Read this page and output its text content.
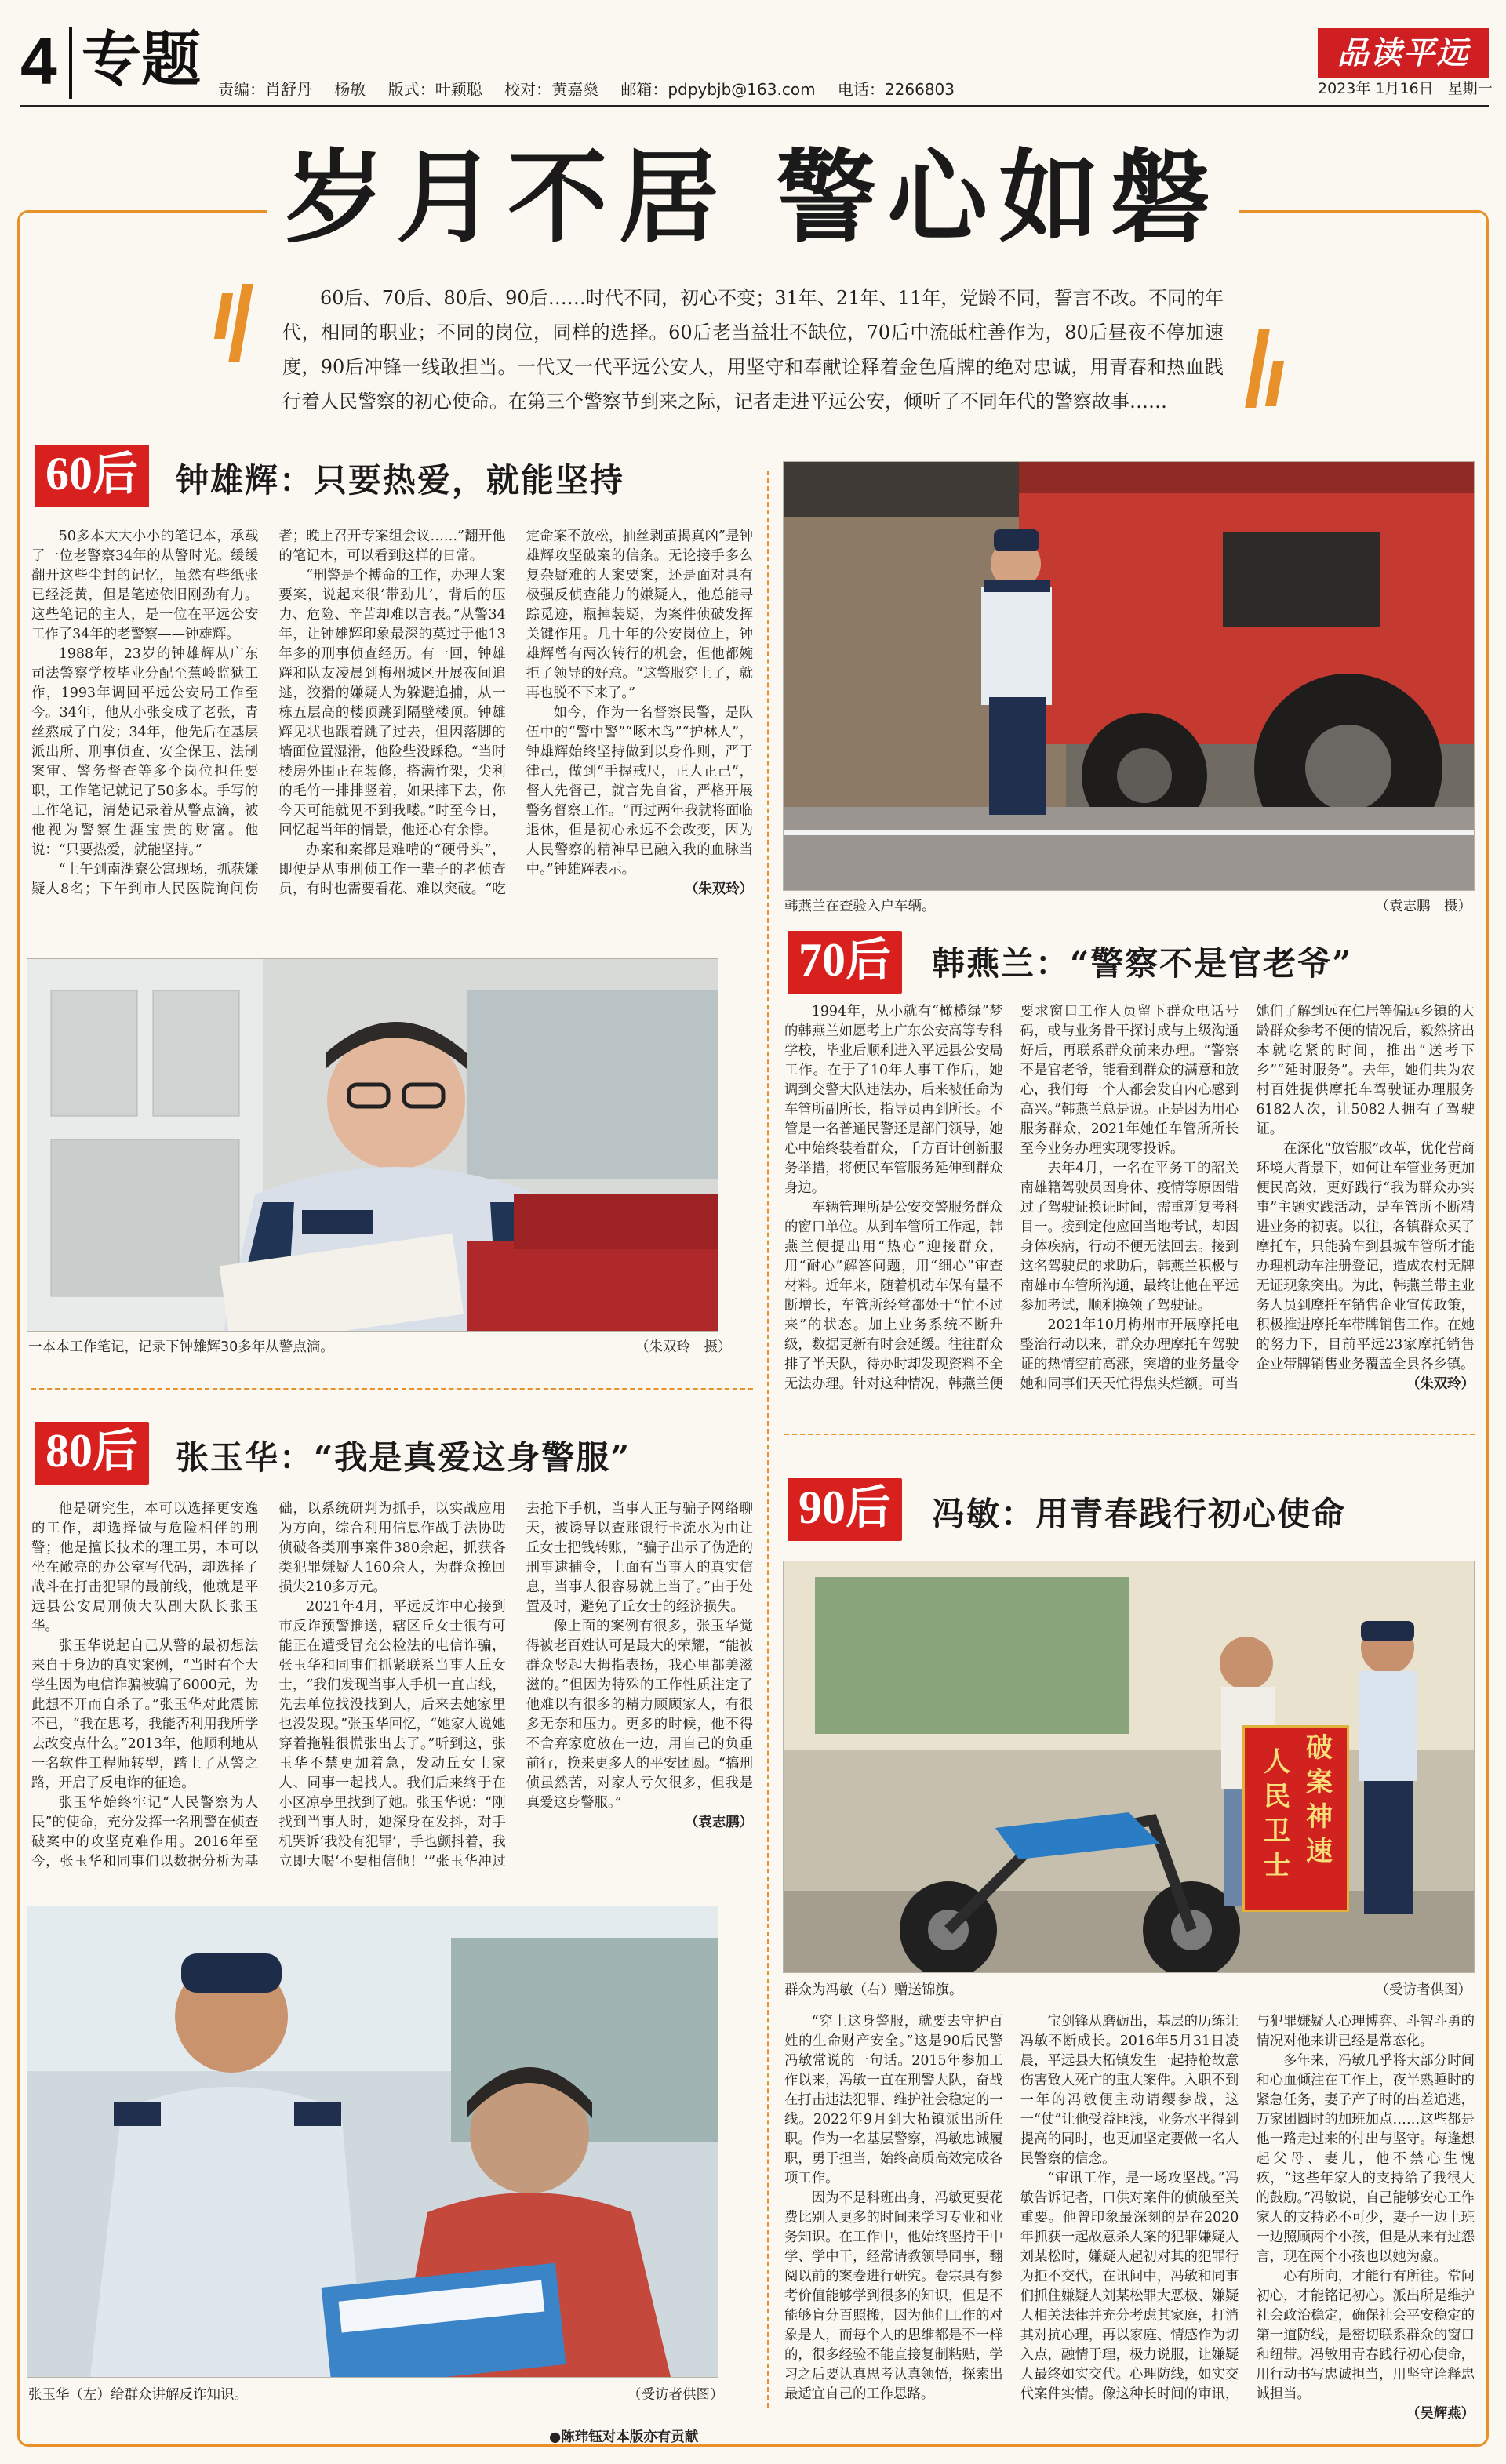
4 专题 责编：肖舒丹 杨敏 版式：叶颖聪 校对：黄嘉燊 邮箱：pdpybjb@163.com 电话：2266803
品读平远
2023年 1月16日 星期一
岁月不居 警心如磐
60后、70后、80后、90后……时代不同，初心不变；31年、21年、11年，党龄不同，誓言不改。不同的年代，相同的职业；不同的岗位，同样的选择。60后老当益壮不缺位，70后中流砥柱善作为，80后昼夜不停加速度，90后冲锋一线敢担当。一代又一代平远公安人，用坚守和奉献诠释着金色盾牌的绝对忠诚，用青春和热血践行着人民警察的初心使命。在第三个警察节到来之际，记者走进平远公安，倾听了不同年代的警察故事……
60后	钟雄辉：只要热爱，就能坚持

50多本大大小小的笔记本，承载了一位老警察34年的从警时光。缓缓翻开这些尘封的记忆，虽然有些纸张已经泛黄，但是笔迹依旧刚劲有力。这些笔记的主人，是一位在平远公安工作了34年的老警察——钟雄辉。

1988年，23岁的钟雄辉从广东司法警察学校毕业分配至蕉岭监狱工作，1993年调回平远公安局工作至今。34年，他从小张变成了老张，青丝熬成了白发；34年，他先后在基层派出所、刑事侦查、安全保卫、法制案审、警务督查等多个岗位担任要职，工作笔记就记了50多本。手写的工作笔记，清楚记录着从警点滴，被他视为警察生涯宝贵的财富。他说：“只要热爱，就能坚持。”

“上午到南湖寮公寓现场，抓获嫌疑人8名；下午到市人民医院询问伤者；晚上召开专案组会议……”翻开他的笔记本，可以看到这样的日常。

“刑警是个搏命的工作，办理大案要案，说起来很‘带劲儿’，背后的压力、危险、辛苦却难以言表。”从警34年，让钟雄辉印象最深的莫过于他13年多的刑事侦查经历。有一回，钟雄辉和队友凌晨到梅州城区开展夜间追逃，狡猾的嫌疑人为躲避追捕，从一栋五层高的楼顶跳到隔壁楼顶。钟雄辉见状也跟着跳了过去，但因落脚的墙面位置湿滑，他险些没踩稳。“当时楼房外围正在装修，搭满竹架，尖利的毛竹一排排竖着，如果摔下去，你今天可能就见不到我喽。”时至今日，回忆起当年的情景，他还心有余悸。

办案和案都是难啃的“硬骨头”，即便是从事刑侦工作一辈子的老侦查员，有时也需要看花、难以突破。“吃定命案不放松，抽丝剥茧揭真凶”是钟雄辉攻坚破案的信条。无论接手多么复杂疑难的大案要案，还是面对具有极强反侦查能力的嫌疑人，他总能寻踪觅迹，瓶掉装疑，为案件侦破发挥关键作用。几十年的公安岗位上，钟雄辉曾有两次转行的机会，但他都婉拒了领导的好意。“这警服穿上了，就再也脱不下来了。”

如今，作为一名督察民警，是队伍中的“警中警”“啄木鸟”“护林人”，钟雄辉始终坚持做到以身作则，严于律己，做到“手握戒尺，正人正己”，督人先督己，就言先自省，严格开展警务督察工作。“再过两年我就将面临退休，但是初心永远不会改变，因为人民警察的精神早已融入我的血脉当中。”钟雄辉表示。

（朱双玲）

一本本工作笔记，记录下钟雄辉30多年从警点滴。	（朱双玲　摄）
韩燕兰在查验入户车辆。	（袁志鹏　摄）
70后	韩燕兰：“警察不是官老爷”

1994年，从小就有“橄榄绿”梦的韩燕兰如愿考上广东公安高等专科学校，毕业后顺利进入平远县公安局工作。在于了10年人事工作后，她调到交警大队违法办，后来被任命为车管所副所长，指导员再到所长。不管是一名普通民警还是部门领导，她心中始终装着群众，千方百计创新服务举措，将便民车管服务延伸到群众身边。

车辆管理所是公安交警服务群众的窗口单位。从到车管所工作起，韩燕兰便提出用“热心”迎接群众，用“耐心”解答问题，用“细心”审查材料。近年来，随着机动车保有量不断增长，车管所经常都处于“忙不过来”的状态。加上业务系统不断升级，数据更新有时会延缓。往往群众排了半天队，待办时却发现资料不全无法办理。针对这种情况，韩燕兰便要求窗口工作人员留下群众电话号码，或与业务骨干探讨成与上级沟通好后，再联系群众前来办理。“警察不是官老爷，能看到群众的满意和放心，我们每一个人都会发自内心感到高兴。”韩燕兰总是说。正是因为用心服务群众，2021年她任车管所所长至今业务办理实现零投诉。

去年4月，一名在平务工的韶关南雄籍驾驶员因身体、疫情等原因错过了驾驶证换证时间，需重新复考科目一。接到定他应回当地考试，却因身体疾病，行动不便无法回去。接到这名驾驶员的求助后，韩燕兰积极与南雄市车管所沟通，最终让他在平远参加考试，顺利换领了驾驶证。

2021年10月梅州市开展摩托电整治行动以来，群众办理摩托车驾驶证的热情空前高涨，突增的业务量令她和同事们天天忙得焦头烂额。可当她们了解到远在仁居等偏远乡镇的大龄群众参考不便的情况后，毅然挤出本就吃紧的时间，推出“送考下乡”“延时服务”。去年，她们共为农村百姓提供摩托车驾驶证办理服务6182人次，让5082人拥有了驾驶证。

在深化“放管服”改革，优化营商环境大背景下，如何让车管业务更加便民高效，更好践行“我为群众办实事”主题实践活动，是车管所不断精进业务的初衷。以往，各镇群众买了摩托车，只能骑车到县城车管所才能办理机动车注册登记，造成农村无牌无证现象突出。为此，韩燕兰带主业务人员到摩托车销售企业宣传政策，积极推进摩托车带牌销售工作。在她的努力下，目前平远23家摩托销售企业带牌销售业务覆盖全县各乡镇。

（朱双玲）

80后	张玉华：“我是真爱这身警服”

他是研究生，本可以选择更安逸的工作，却选择做与危险相伴的刑警；他是擅长技术的理工男，本可以坐在敞亮的办公室写代码，却选择了战斗在打击犯罪的最前线，他就是平远县公安局刑侦大队副大队长张玉华。

张玉华说起自己从警的最初想法来自于身边的真实案例，“当时有个大学生因为电信诈骗被骗了6000元，为此想不开而自杀了。”张玉华对此震惊不已，“我在思考，我能否利用我所学去改变点什么。”2013年，他顺利地从一名软件工程师转型，踏上了从警之路，开启了反电诈的征途。

张玉华始终牢记“人民警察为人民”的使命，充分发挥一名刑警在侦查破案中的攻坚克难作用。2016年至今，张玉华和同事们以数据分析为基础，以系统研判为抓手，以实战应用为方向，综合利用信息作战手法协助侦破各类刑事案件380余起，抓获各类犯罪嫌疑人160余人，为群众挽回损失210多万元。

2021年4月，平远反诈中心接到市反诈预警推送，辖区丘女士很有可能正在遭受冒充公检法的电信诈骗，张玉华和同事们抓紧联系当事人丘女士，“我们发现当事人手机一直占线，先去单位找没找到人，后来去她家里也没发现。”张玉华回忆，“她家人说她穿着拖鞋很慌张出去了。”听到这，张玉华不禁更加着急，发动丘女士家人、同事一起找人。我们后来终于在小区凉亭里找到了她。张玉华说：“刚找到当事人时，她深身在发抖，对手机哭诉‘我没有犯罪’，手也颤抖着，我立即大喝‘不要相信他！’”张玉华冲过去抢下手机，当事人正与骗子网络聊天，被诱导以查账银行卡流水为由让丘女士把钱转账，“骗子出示了伪造的刑事逮捕令，上面有当事人的真实信息，当事人很容易就上当了。”由于处置及时，避免了丘女士的经济损失。

像上面的案例有很多，张玉华觉得被老百姓认可是最大的荣耀，“能被群众竖起大拇指表扬，我心里都美滋滋的。”但因为特殊的工作性质注定了他难以有很多的精力顾顾家人，有很多无奈和压力。更多的时候，他不得不舍弃家庭放在一边，用自己的负重前行，换来更多人的平安团圆。“搞刑侦虽然苦，对家人亏欠很多，但我是真爱这身警服。”

（袁志鹏）

张玉华（左）给群众讲解反诈知识。	（受访者供图）
●陈玮钰对本版亦有贡献
90后	冯敏：用青春践行初心使命
人
民
卫
士
破
案
神
速
群众为冯敏（右）赠送锦旗。	（受访者供图）

“穿上这身警服，就要去守护百姓的生命财产安全。”这是90后民警冯敏常说的一句话。2015年参加工作以来，冯敏一直在刑警大队，奋战在打击违法犯罪、维护社会稳定的一线。2022年9月到大柘镇派出所任职。作为一名基层警察，冯敏忠诚履职，勇于担当，始终高质高效完成各项工作。

因为不是科班出身，冯敏更要花费比别人更多的时间来学习专业和业务知识。在工作中，他始终坚持干中学、学中干，经常请教领导同事，翻阅以前的案卷进行研究。卷宗具有参考价值能够学到很多的知识，但是不能够盲分百照搬，因为他们工作的对象是人，而每个人的思维都是不一样的，很多经验不能直接复制粘贴，学习之后要认真思考认真领悟，探索出最适宜自己的工作思路。

宝剑锋从磨砺出，基层的历练让冯敏不断成长。2016年5月31日凌晨，平远县大柘镇发生一起持枪故意伤害致人死亡的重大案件。入职不到一年的冯敏便主动请缨参战，这一“仗”让他受益匪浅，业务水平得到提高的同时，也更加坚定要做一名人民警察的信念。

“审讯工作，是一场攻坚战。”冯敏告诉记者，口供对案件的侦破至关重要。他曾印象最深刻的是在2020年抓获一起故意杀人案的犯罪嫌疑人刘某松时，嫌疑人起初对其的犯罪行为拒不交代，在讯问中，冯敏和同事们抓住嫌疑人刘某松罪大恶极、嫌疑人相关法律并充分考虑其家庭，打消其对抗心理，再以家庭、情感作为切入点，融情于理，极力说服，让嫌疑人最终如实交代。心理防线，如实交代案件实情。像这种长时间的审讯，与犯罪嫌疑人心理博弈、斗智斗勇的情况对他来讲已经是常态化。

多年来，冯敏几乎将大部分时间和心血倾注在工作上，夜半熟睡时的紧急任务，妻子产子时的出差追逃，万家团圆时的加班加点……这些都是他一路走过来的付出与坚守。每逢想起父母、妻儿，他不禁心生愧疚，“这些年家人的支持给了我很大的鼓励。”冯敏说，自己能够安心工作家人的支持必不可少，妻子一边上班一边照顾两个小孩，但是从来有过怨言，现在两个小孩也以她为豪。

心有所向，才能行有所往。常问初心，才能铭记初心。派出所是维护社会政治稳定，确保社会平安稳定的第一道防线，是密切联系群众的窗口和纽带。冯敏用青春践行初心使命，用行动书写忠诚担当，用坚守诠释忠诚担当。

（吴辉燕）
